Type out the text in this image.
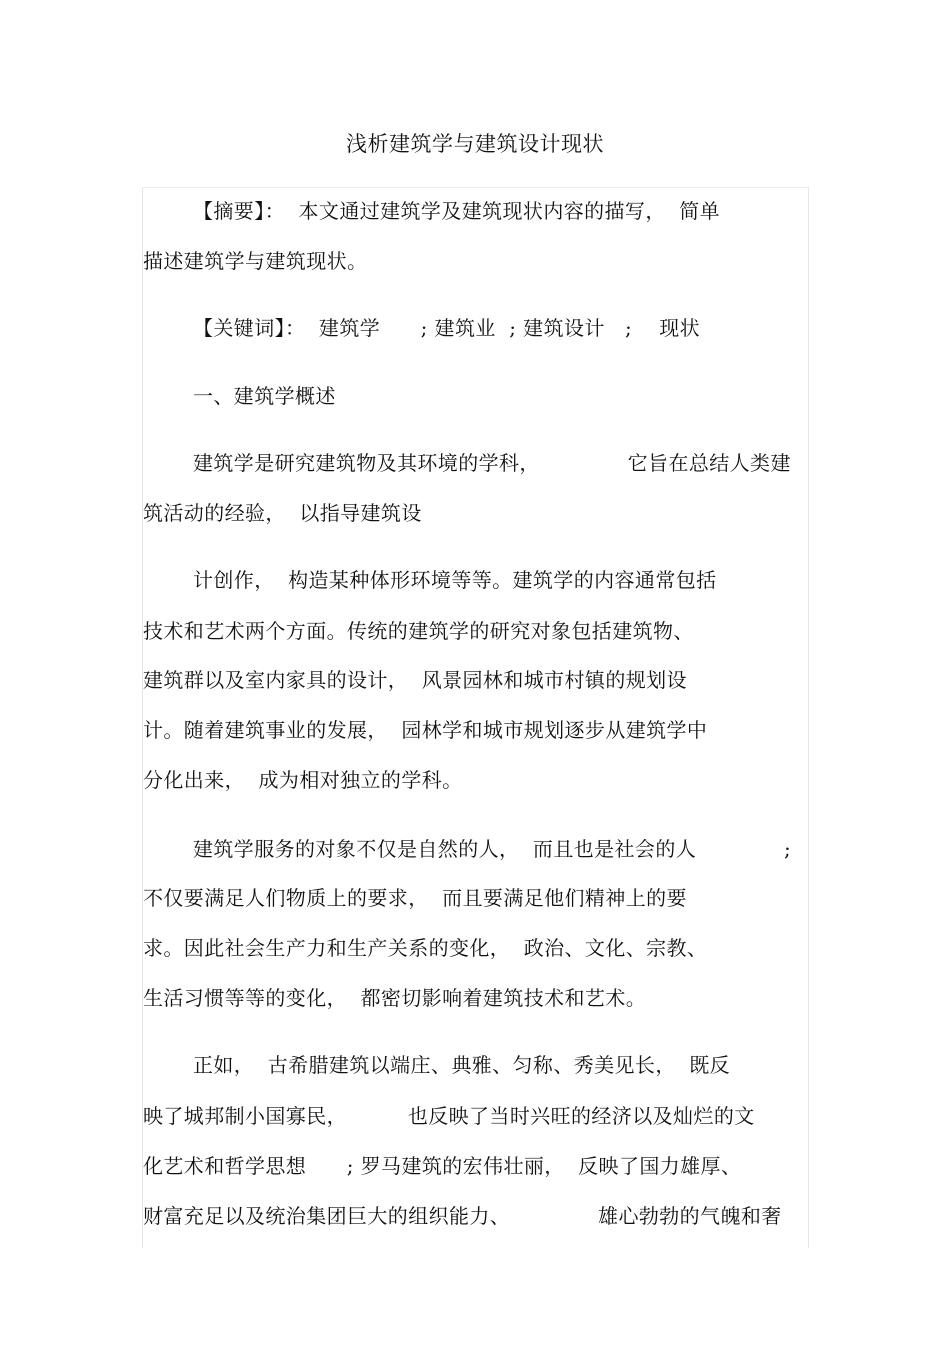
浅析建筑学与建筑设计现状
【摘要】：  本文通过建筑学及建筑现状内容的描写，  简单
描述建筑学与建筑现状。
【关键词】：  建筑学      ; 建筑业  ; 建筑设计   ;    现状
一、建筑学概述
建筑学是研究建筑物及其环境的学科，             它旨在总结人类建
筑活动的经验，  以指导建筑设
计创作，  构造某种体形环境等等。建筑学的内容通常包括
技术和艺术两个方面。传统的建筑学的研究对象包括建筑物、
建筑群以及室内家具的设计，  风景园林和城市村镇的规划设
计。随着建筑事业的发展，  园林学和城市规划逐步从建筑学中
分化出来，  成为相对独立的学科。
建筑学服务的对象不仅是自然的人，  而且也是社会的人	;
不仅要满足人们物质上的要求，  而且要满足他们精神上的要
求。因此社会生产力和生产关系的变化，  政治、文化、宗教、
生活习惯等等的变化，  都密切影响着建筑技术和艺术。
正如，  古希腊建筑以端庄、典雅、匀称、秀美见长，  既反
映了城邦制小国寡民，         也反映了当时兴旺的经济以及灿烂的文
化艺术和哲学思想      ; 罗马建筑的宏伟壮丽，  反映了国力雄厚、
财富充足以及统治集团巨大的组织能力、             雄心勃勃的气魄和奢
